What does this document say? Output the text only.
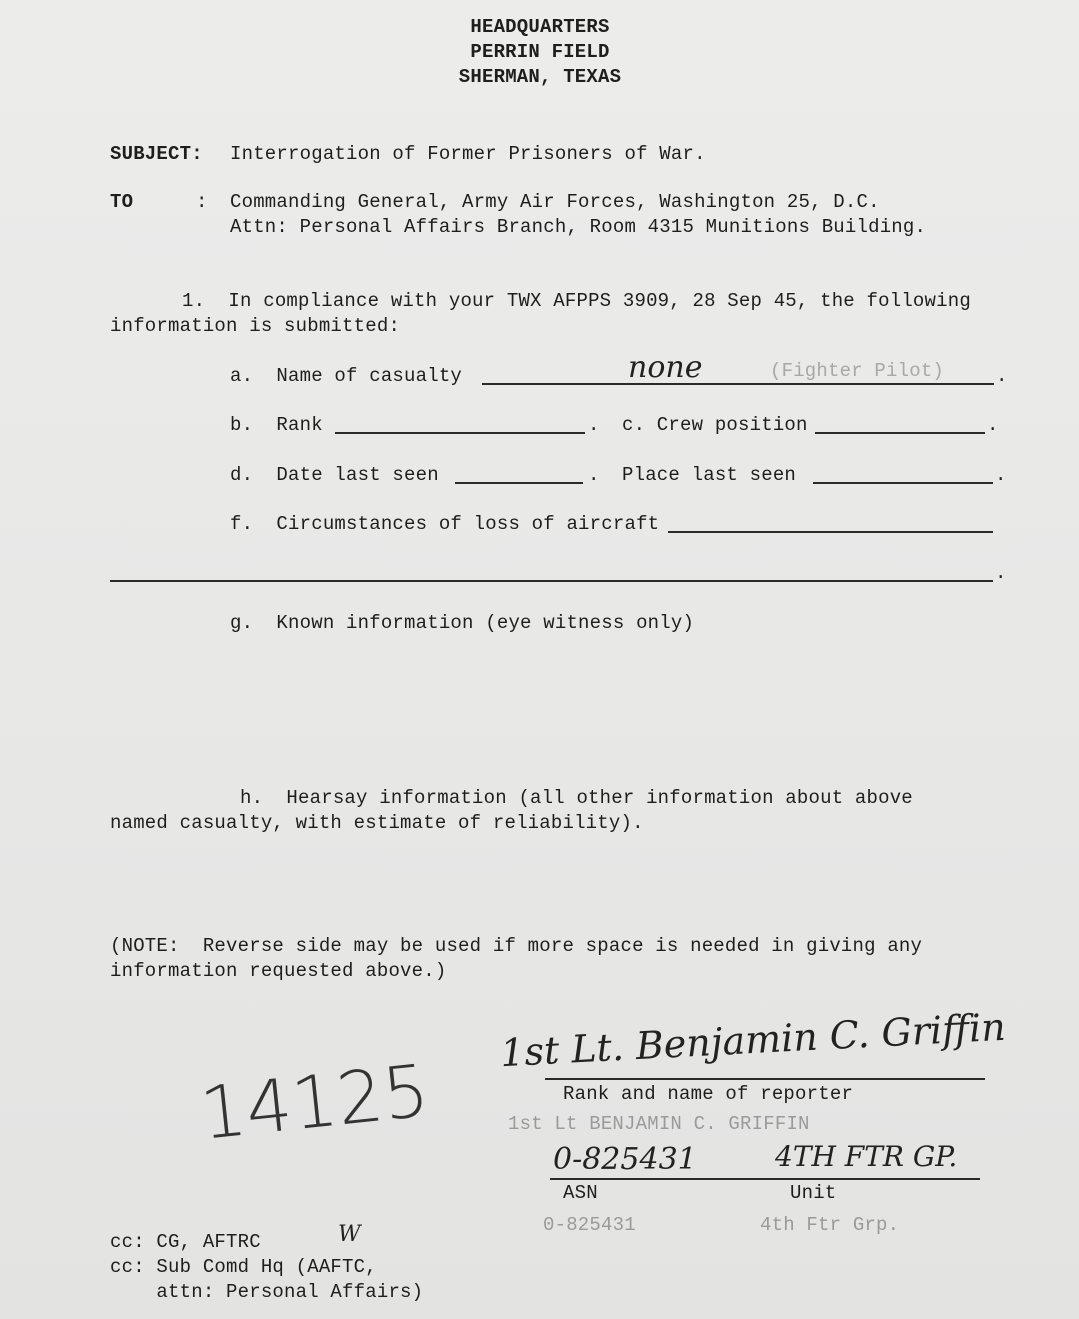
HEADQUARTERS
PERRIN FIELD
SHERMAN, TEXAS
SUBJECT: Interrogation of Former Prisoners of War.
TO	: Commanding General, Army Air Forces, Washington 25, D.C.
Attn: Personal Affairs Branch, Room 4315 Munitions Building.
1.  In compliance with your TWX AFPPS 3909, 28 Sep 45, the following
information is submitted:
a.  Name of casualty	.
none	(Fighter Pilot)
b.  Rank	. c. Crew position	.
d.  Date last seen	. Place last seen	.
f.  Circumstances of loss of aircraft
.
g.  Known information (eye witness only)
h.  Hearsay information (all other information about above
named casualty, with estimate of reliability).
(NOTE:  Reverse side may be used if more space is needed in giving any
information requested above.)
1st Lt. Benjamin C. Griffin
Rank and name of reporter
1st Lt BENJAMIN C. GRIFFIN
0-825431	4TH FTR GP.
ASN	Unit
0-825431	4th Ftr Grp.
14125
cc: CG, AFTRC
cc: Sub Comd Hq (AAFTC,
attn: Personal Affairs)
W
